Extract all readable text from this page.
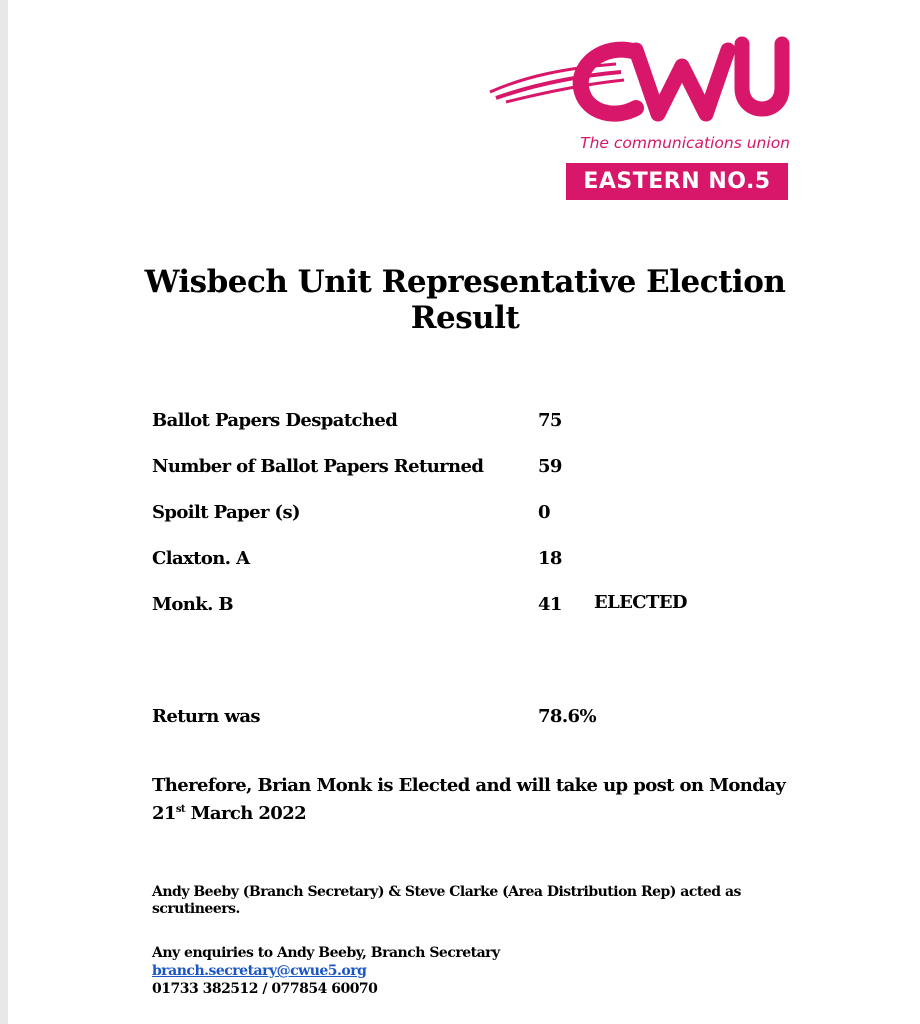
CWU
The communications union
EASTERN NO.5
Wisbech Unit Representative Election
Result
Ballot Papers Despatched	75
Number of Ballot Papers Returned	59
Spoilt Paper (s)	0
Claxton. A	18
Monk. B	41 ELECTED
Return was	78.6%
Therefore, Brian Monk is Elected and will take up post on Monday 21st March 2022
Andy Beeby (Branch Secretary) & Steve Clarke (Area Distribution Rep) acted as scrutineers.
Any enquiries to Andy Beeby, Branch Secretary
branch.secretary@cwue5.org
01733 382512 / 077854 60070
